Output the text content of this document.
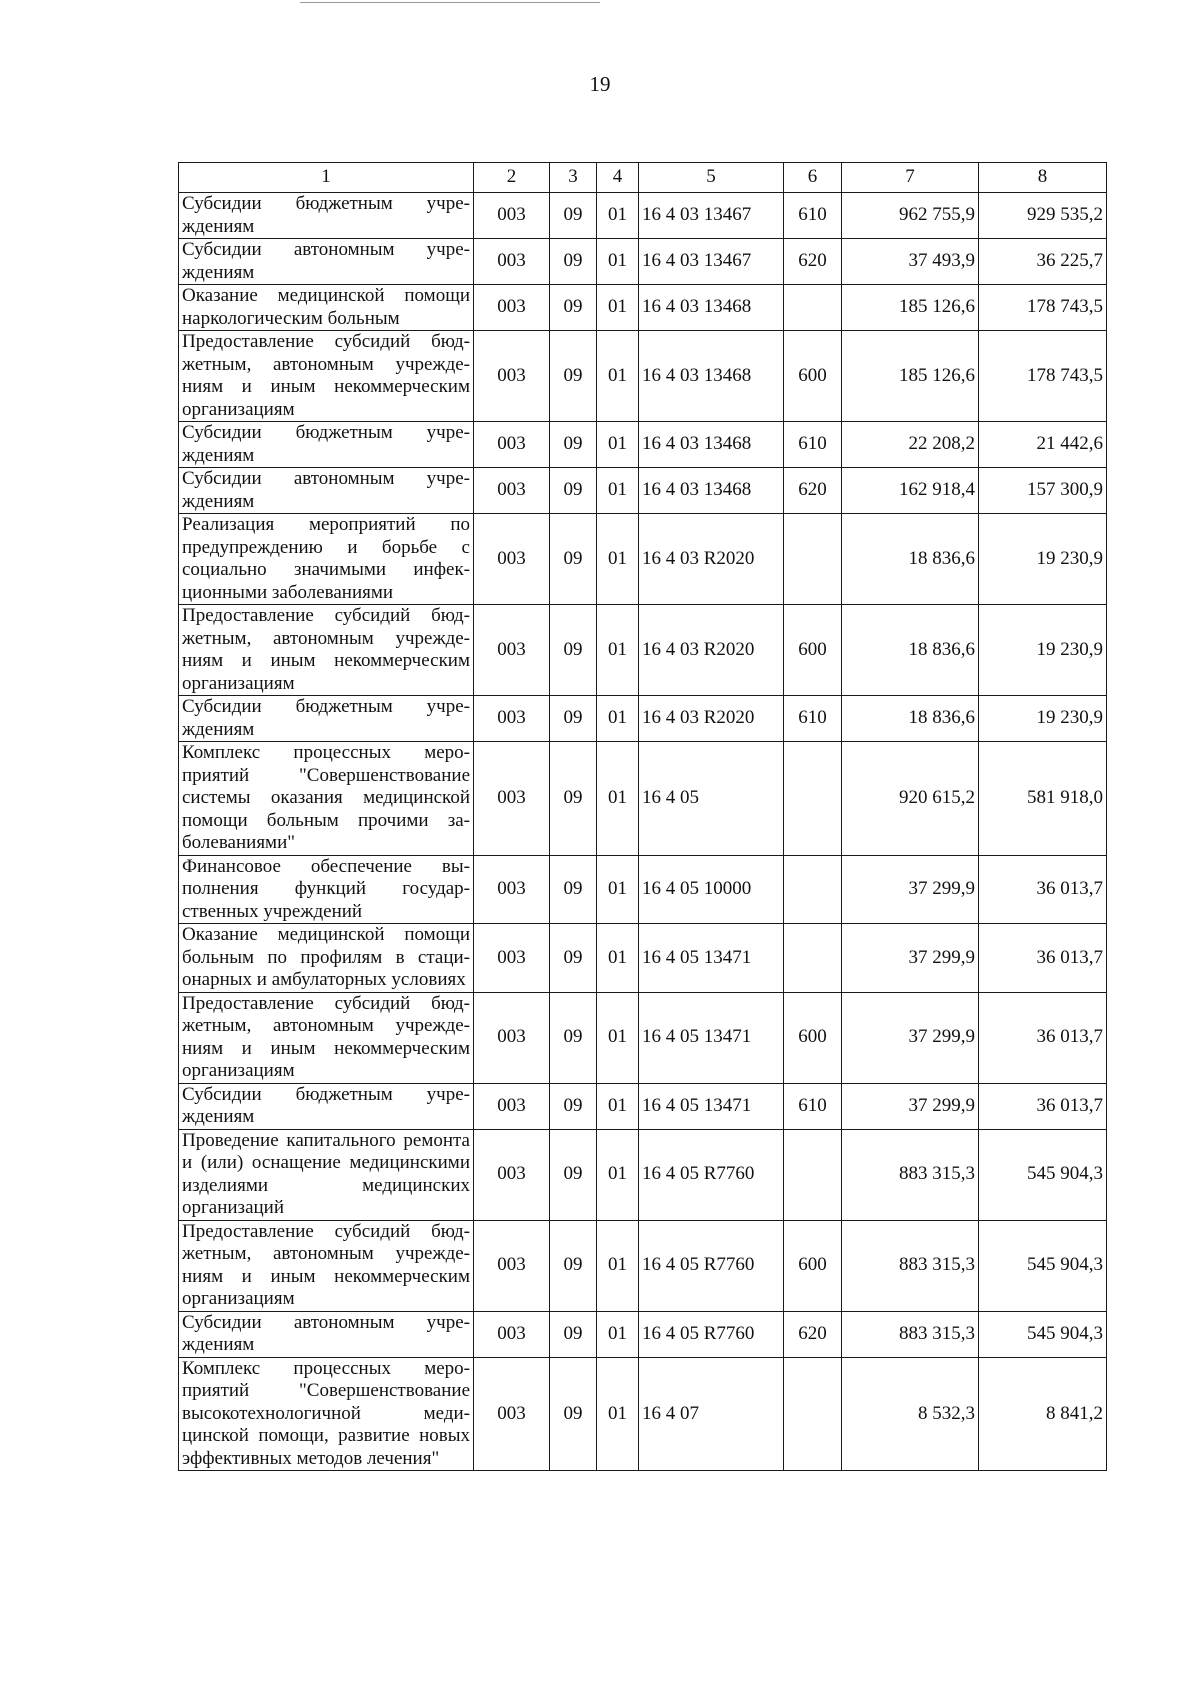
19
1	2	3	4	5	6	7	8
Субсидии бюджетным учреждениям	003	09	01	16 4 03 13467	610	962 755,9	929 535,2
Субсидии автономным учреждениям	003	09	01	16 4 03 13467	620	37 493,9	36 225,7
Оказание медицинской помощи наркологическим больным	003	09	01	16 4 03 13468		185 126,6	178 743,5
Предоставление субсидий бюджетным, автономным учреждениям и иным некоммерческим организациям	003	09	01	16 4 03 13468	600	185 126,6	178 743,5
Субсидии бюджетным учреждениям	003	09	01	16 4 03 13468	610	22 208,2	21 442,6
Субсидии автономным учреждениям	003	09	01	16 4 03 13468	620	162 918,4	157 300,9
Реализация мероприятий по предупреждению и борьбе с социально значимыми инфекционными заболеваниями	003	09	01	16 4 03 R2020		18 836,6	19 230,9
Предоставление субсидий бюджетным, автономным учреждениям и иным некоммерческим организациям	003	09	01	16 4 03 R2020	600	18 836,6	19 230,9
Субсидии бюджетным учреждениям	003	09	01	16 4 03 R2020	610	18 836,6	19 230,9
Комплекс процессных мероприятий "Совершенствование системы оказания медицинской помощи больным прочими заболеваниями"	003	09	01	16 4 05		920 615,2	581 918,0
Финансовое обеспечение выполнения функций государственных учреждений	003	09	01	16 4 05 10000		37 299,9	36 013,7
Оказание медицинской помощи больным по профилям в стационарных и амбулаторных условиях	003	09	01	16 4 05 13471		37 299,9	36 013,7
Предоставление субсидий бюджетным, автономным учреждениям и иным некоммерческим организациям	003	09	01	16 4 05 13471	600	37 299,9	36 013,7
Субсидии бюджетным учреждениям	003	09	01	16 4 05 13471	610	37 299,9	36 013,7
Проведение капитального ремонта и (или) оснащение медицинскими изделиями медицинских организаций	003	09	01	16 4 05 R7760		883 315,3	545 904,3
Предоставление субсидий бюджетным, автономным учреждениям и иным некоммерческим организациям	003	09	01	16 4 05 R7760	600	883 315,3	545 904,3
Субсидии автономным учреждениям	003	09	01	16 4 05 R7760	620	883 315,3	545 904,3
Комплекс процессных мероприятий "Совершенствование высокотехнологичной медицинской помощи, развитие новых эффективных методов лечения"	003	09	01	16 4 07		8 532,3	8 841,2
